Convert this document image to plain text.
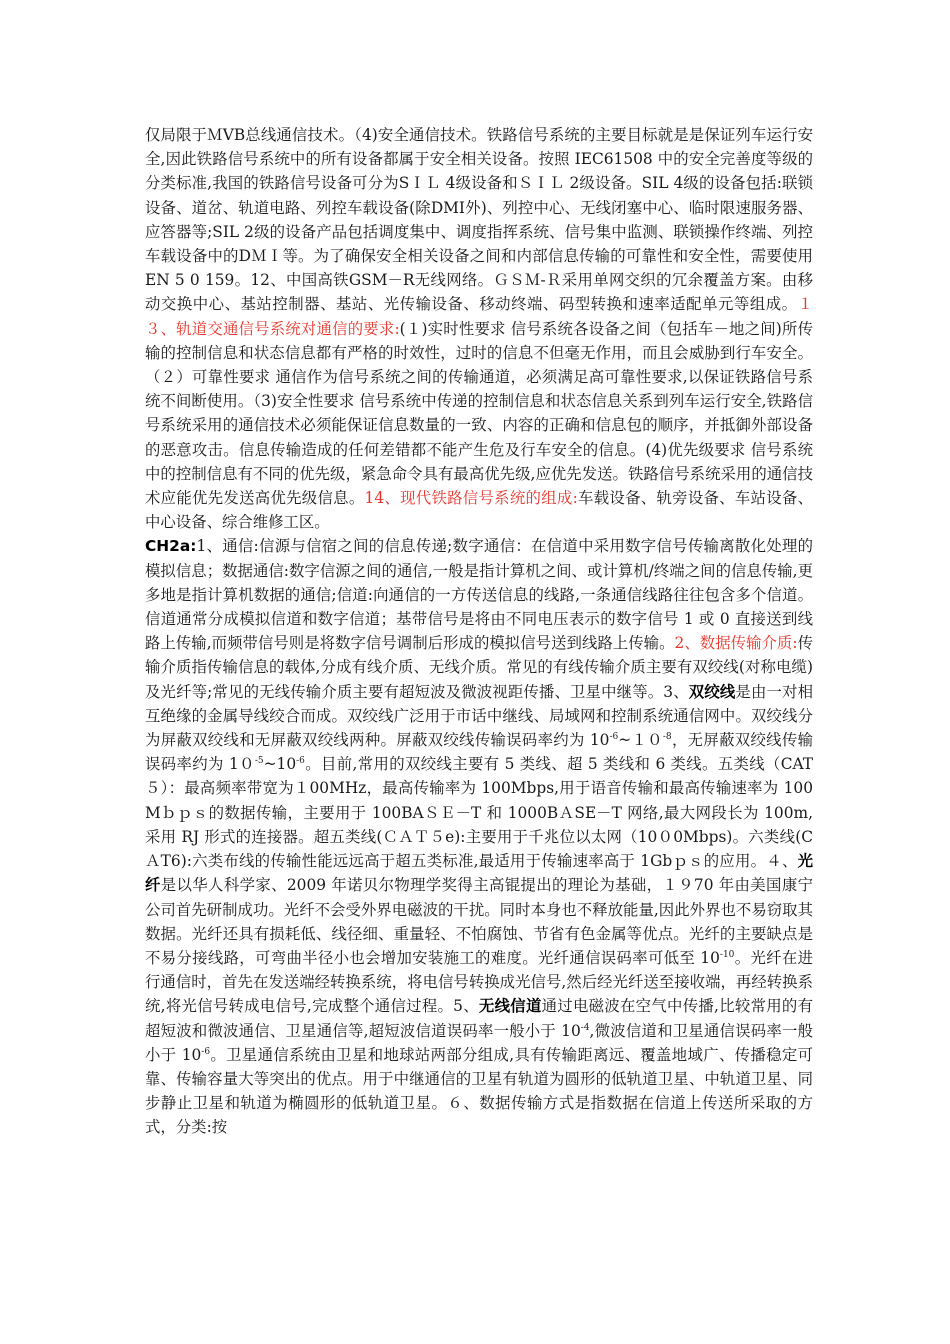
仅局限于ＭVB总线通信技术。（4)安全通信技术。铁路信号系统的主要目标就是是保证列车运行安全,因此铁路信号系统中的所有设备都属于安全相关设备。按照 IEC61508 中的安全完善度等级的分类标准,我国的铁路信号设备可分为SＩＬ 4级设备和ＳＩＬ 2级设备。SIL 4级的设备包括:联锁设备、道岔、轨道电路、列控车载设备(除DMI外)、列控中心、无线闭塞中心、临时限速服务器、应答器等;SIL 2级的设备产品包括调度集中、调度指挥系统、信号集中监测、联锁操作终端、列控车载设备中的DＭＩ等。为了确保安全相关设备之间和内部信息传输的可靠性和安全性，需要使用EN 5 0 159。12、中国高铁GSM－R无线网络。ＧＳＭ-Ｒ采用单网交织的冗余覆盖方案。由移动交换中心、基站控制器、基站、光传输设备、移动终端、码型转换和速率适配单元等组成。１３、轨道交通信号系统对通信的要求:(１)实时性要求 信号系统各设备之间（包括车－地之间)所传输的控制信息和状态信息都有严格的时效性，过时的信息不但毫无作用，而且会威胁到行车安全。（２）可靠性要求 通信作为信号系统之间的传输通道，必须满足高可靠性要求,以保证铁路信号系统不间断使用。（3)安全性要求 信号系统中传递的控制信息和状态信息关系到列车运行安全,铁路信号系统采用的通信技术必须能保证信息数量的一致、内容的正确和信息包的顺序，并抵御外部设备的恶意攻击。信息传输造成的任何差错都不能产生危及行车安全的信息。(4)优先级要求 信号系统中的控制信息有不同的优先级，紧急命令具有最高优先级,应优先发送。铁路信号系统采用的通信技术应能优先发送高优先级信息。14、现代铁路信号系统的组成:车载设备、轨旁设备、车站设备、中心设备、综合维修工区。

CH2a:1、通信:信源与信宿之间的信息传递;数字通信：在信道中采用数字信号传输离散化处理的模拟信息；数据通信:数字信源之间的通信,一般是指计算机之间、或计算机/终端之间的信息传输,更多地是指计算机数据的通信;信道:向通信的一方传送信息的线路,一条通信线路往往包含多个信道。信道通常分成模拟信道和数字信道；基带信号是将由不同电压表示的数字信号 1 或 0 直接送到线路上传输,而频带信号则是将数字信号调制后形成的模拟信号送到线路上传输。2、数据传输介质:传输介质指传输信息的载体,分成有线介质、无线介质。常见的有线传输介质主要有双绞线(对称电缆)及光纤等;常见的无线传输介质主要有超短波及微波视距传播、卫星中继等。3、双绞线是由一对相互绝缘的金属导线绞合而成。双绞线广泛用于市话中继线、局域网和控制系统通信网中。双绞线分为屏蔽双绞线和无屏蔽双绞线两种。屏蔽双绞线传输误码率约为 $10^{-6}\sim 10^{-8}$，无屏蔽双绞线传输误码率约为 $10^{-5}\sim 10^{-6}$。目前,常用的双绞线主要有 5 类线、超 5 类线和 6 类线。五类线（CAT ５）：最高频率带宽为１00MHz，最高传输率为 100Mbps,用于语音传输和最高传输速率为 100Mｂｐｓ的数据传输，主要用于 100BAＳＥ－T 和 1000BＡSE－T 网络,最大网段长为 100m,采用 RJ 形式的连接器。超五类线(ＣＡＴ５e):主要用于千兆位以太网（10０0Mbps)。六类线(CＡT6):六类布线的传输性能远远高于超五类标准,最适用于传输速率高于 1Gbｐｓ的应用。４、光纤是以华人科学家、2009 年诺贝尔物理学奖得主高锟提出的理论为基础，１９70 年由美国康宁公司首先研制成功。光纤不会受外界电磁波的干扰。同时本身也不释放能量,因此外界也不易窃取其数据。光纤还具有损耗低、线径细、重量轻、不怕腐蚀、节省有色金属等优点。光纤的主要缺点是不易分接线路，可弯曲半径小也会增加安装施工的难度。光纤通信误码率可低至 $10^{-10}$。光纤在进行通信时，首先在发送端经转换系统，将电信号转换成光信号,然后经光纤送至接收端，再经转换系统,将光信号转成电信号,完成整个通信过程。5、无线信道通过电磁波在空气中传播,比较常用的有超短波和微波通信、卫星通信等,超短波信道误码率一般小于 $10^{-4}$,微波信道和卫星通信误码率一般小于 $10^{-6}$。卫星通信系统由卫星和地球站两部分组成,具有传输距离远、覆盖地域广、传播稳定可靠、传输容量大等突出的优点。用于中继通信的卫星有轨道为圆形的低轨道卫星、中轨道卫星、同步静止卫星和轨道为椭圆形的低轨道卫星。６、数据传输方式是指数据在信道上传送所采取的方式，分类:按
